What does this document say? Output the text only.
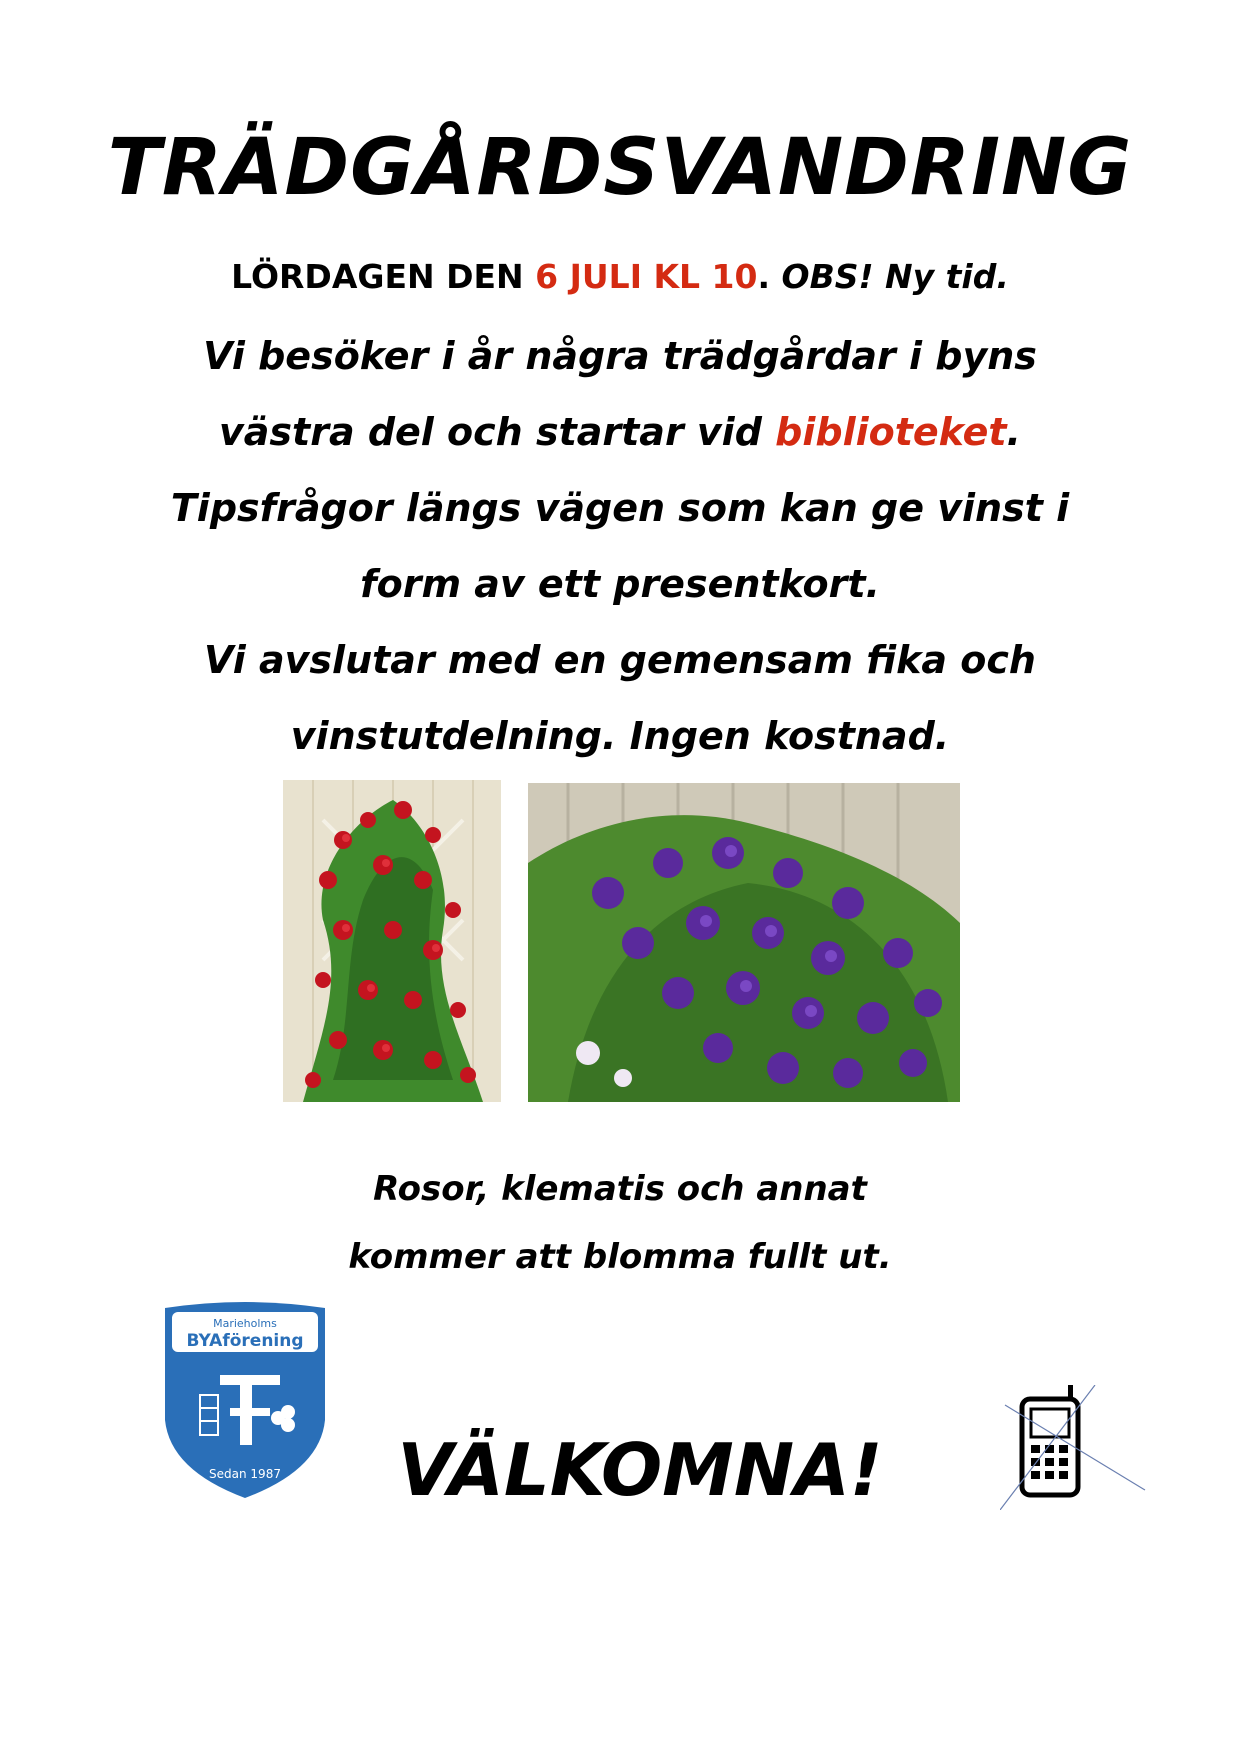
TRÄDGÅRDSVANDRING
LÖRDAGEN DEN 6 JULI KL 10. OBS! Ny tid.
Vi besöker i år några trädgårdar i byns
västra del och startar vid biblioteket.
Tipsfrågor längs vägen som kan ge vinst i
form av ett presentkort.
Vi avslutar med en gemensam fika och
vinstutdelning. Ingen kostnad.
Rosor, klematis och annat
kommer att blomma fullt ut.
Marieholms
BYAförening
Sedan 1987 VÄLKOMNA!
